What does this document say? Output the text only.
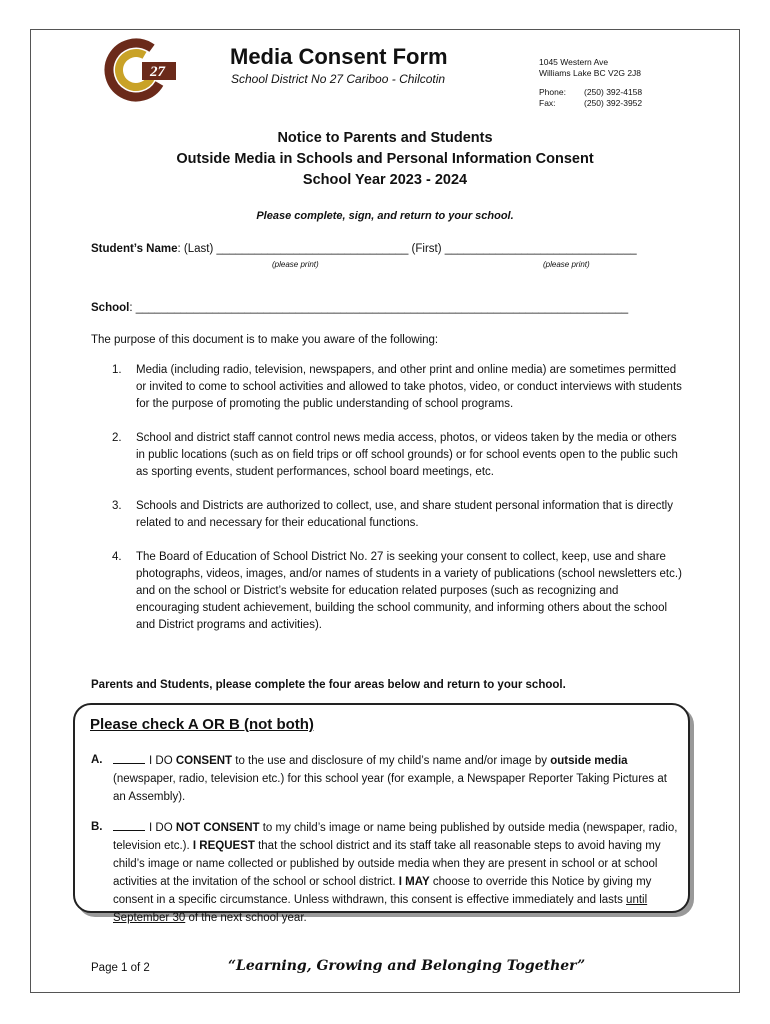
27
Media Consent Form
School District No 27 Cariboo - Chilcotin
1045 Western Ave
Williams Lake BC V2G 2J8
Phone:	(250) 392-4158
Fax:	(250) 392-3952
Notice to Parents and Students
Outside Media in Schools and Personal Information Consent
School Year 2023 - 2024
Please complete, sign, and return to your school.
Student’s Name: (Last) ______________________________ (First) ______________________________
(please print)	(please print)
School: _____________________________________________________________________________
The purpose of this document is to make you aware of the following:
1. Media (including radio, television, newspapers, and other print and online media) are sometimes permitted or invited to come to school activities and allowed to take photos, video, or conduct interviews with students for the purpose of promoting the public understanding of school programs.
2. School and district staff cannot control news media access, photos, or videos taken by the media or others in public locations (such as on field trips or off school grounds) or for school events open to the public such as sporting events, student performances, school board meetings, etc.
3. Schools and Districts are authorized to collect, use, and share student personal information that is directly related to and necessary for their educational functions.
4. The Board of Education of School District No. 27 is seeking your consent to collect, keep, use and share photographs, videos, images, and/or names of students in a variety of publications (school newsletters etc.) and on the school or District’s website for education related purposes (such as recognizing and encouraging student achievement, building the school community, and informing others about the school and District programs and activities).
Parents and Students, please complete the four areas below and return to your school.
Please check A OR B (not both)
A.	I DO CONSENT to the use and disclosure of my child’s name and/or image by outside media (newspaper, radio, television etc.) for this school year (for example, a Newspaper Reporter Taking Pictures at an Assembly).
B.	I DO NOT CONSENT to my child’s image or name being published by outside media (newspaper, radio, television etc.). I REQUEST that the school district and its staff take all reasonable steps to avoid having my child’s image or name collected or published by outside media when they are present in school or at school activities at the invitation of the school or school district. I MAY choose to override this Notice by giving my consent in a specific circumstance. Unless withdrawn, this consent is effective immediately and lasts until September 30 of the next school year.
Page 1 of 2	“Learning, Growing and Belonging Together”
